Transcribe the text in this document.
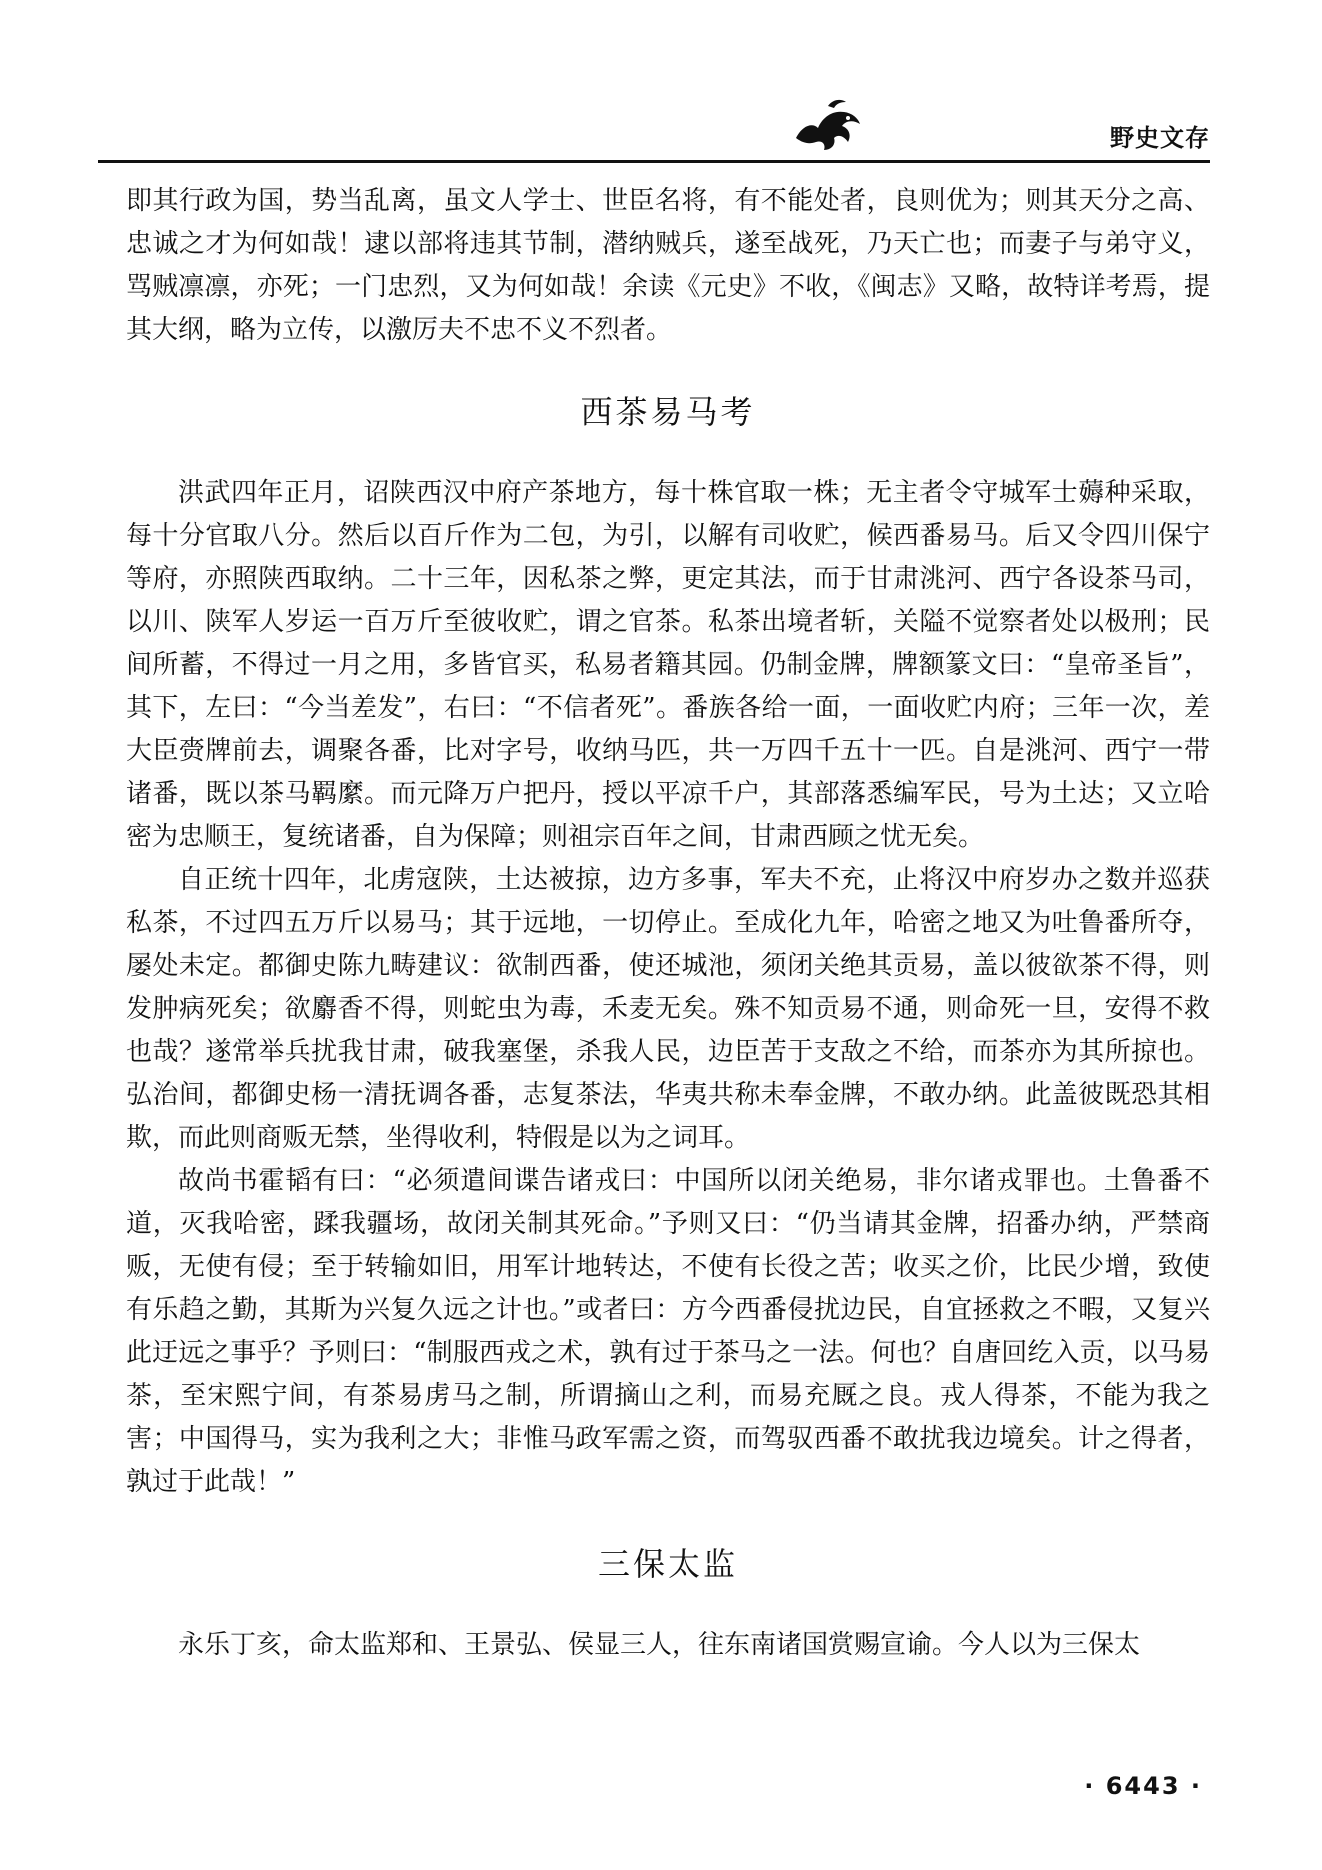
野史文存

即其行政为国，势当乱离，虽文人学士、世臣名将，有不能处者，良则优为；则其天分之高、忠诚之才为何如哉！逮以部将违其节制，潜纳贼兵，遂至战死，乃天亡也；而妻子与弟守义，骂贼凛凛，亦死；一门忠烈，又为何如哉！余读《元史》不收，《闽志》又略，故特详考焉，提其大纲，略为立传，以激厉夫不忠不义不烈者。

西茶易马考

洪武四年正月，诏陕西汉中府产茶地方，每十株官取一株；无主者令守城军士薅种采取，每十分官取八分。然后以百斤作为二包，为引，以解有司收贮，候西番易马。后又令四川保宁等府，亦照陕西取纳。二十三年，因私茶之弊，更定其法，而于甘肃洮河、西宁各设茶马司，以川、陕军人岁运一百万斤至彼收贮，谓之官茶。私茶出境者斩，关隘不觉察者处以极刑；民间所蓄，不得过一月之用，多皆官买，私易者籍其园。仍制金牌，牌额篆文曰：“皇帝圣旨”，其下，左曰：“今当差发”，右曰：“不信者死”。番族各给一面，一面收贮内府；三年一次，差大臣赍牌前去，调聚各番，比对字号，收纳马匹，共一万四千五十一匹。自是洮河、西宁一带诸番，既以茶马羁縻。而元降万户把丹，授以平凉千户，其部落悉编军民，号为土达；又立哈密为忠顺王，复统诸番，自为保障；则祖宗百年之间，甘肃西顾之忧无矣。

自正统十四年，北虏寇陕，土达被掠，边方多事，军夫不充，止将汉中府岁办之数并巡获私茶，不过四五万斤以易马；其于远地，一切停止。至成化九年，哈密之地又为吐鲁番所夺，屡处未定。都御史陈九畴建议：欲制西番，使还城池，须闭关绝其贡易，盖以彼欲茶不得，则发肿病死矣；欲麝香不得，则蛇虫为毒，禾麦无矣。殊不知贡易不通，则命死一旦，安得不救也哉？遂常举兵扰我甘肃，破我塞堡，杀我人民，边臣苦于支敌之不给，而茶亦为其所掠也。弘治间，都御史杨一清抚调各番，志复茶法，华夷共称未奉金牌，不敢办纳。此盖彼既恐其相欺，而此则商贩无禁，坐得收利，特假是以为之词耳。

故尚书霍韬有曰：“必须遣间谍告诸戎曰：中国所以闭关绝易，非尔诸戎罪也。土鲁番不道，灭我哈密，蹂我疆场，故闭关制其死命。”予则又曰：“仍当请其金牌，招番办纳，严禁商贩，无使有侵；至于转输如旧，用军计地转达，不使有长役之苦；收买之价，比民少增，致使有乐趋之勤，其斯为兴复久远之计也。”或者曰：方今西番侵扰边民，自宜拯救之不暇，又复兴此迂远之事乎？予则曰：“制服西戎之术，孰有过于茶马之一法。何也？自唐回纥入贡，以马易茶，至宋熙宁间，有茶易虏马之制，所谓摘山之利，而易充厩之良。戎人得茶，不能为我之害；中国得马，实为我利之大；非惟马政军需之资，而驾驭西番不敢扰我边境矣。计之得者，孰过于此哉！”

三保太监

永乐丁亥，命太监郑和、王景弘、侯显三人，往东南诸国赏赐宣谕。今人以为三保太

· 6443 ·
